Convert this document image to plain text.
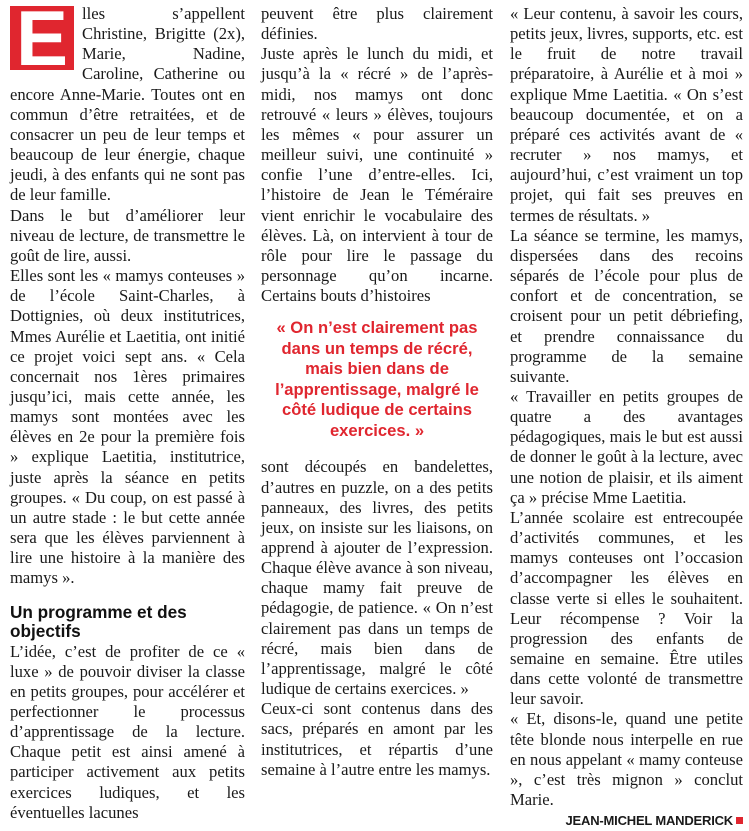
E lles s’appellent Christine, Brigitte (2x), Marie, Nadine, Caroline, Catherine ou encore Anne-Marie. Toutes ont en commun d’être retraitées, et de consacrer un peu de leur temps et beaucoup de leur énergie, chaque jeudi, à des enfants qui ne sont pas de leur famille.

Dans le but d’améliorer leur niveau de lecture, de transmettre le goût de lire, aussi.

Elles sont les « mamys conteuses » de l’école Saint-Charles, à Dottignies, où deux institutrices, Mmes Aurélie et Laetitia, ont initié ce projet voici sept ans. « Cela concernait nos 1ères primaires jusqu’ici, mais cette année, les mamys sont montées avec les élèves en 2e pour la première fois » explique Laetitia, institutrice, juste après la séance en petits groupes. « Du coup, on est passé à un autre stade : le but cette année sera que les élèves parviennent à lire une histoire à la manière des mamys ».

Un programme et des objectifs

L’idée, c’est de profiter de ce « luxe » de pouvoir diviser la classe en petits groupes, pour accélérer et perfectionner le processus d’apprentissage de la lecture. Chaque petit est ainsi amené à participer activement aux petits exercices ludiques, et les éventuelles lacunes

peuvent être plus clairement définies.

Juste après le lunch du midi, et jusqu’à la « récré » de l’après-midi, nos mamys ont donc retrouvé « leurs » élèves, toujours les mêmes « pour assurer un meilleur suivi, une continuité » confie l’une d’entre-elles. Ici, l’histoire de Jean le Téméraire vient enrichir le vocabulaire des élèves. Là, on intervient à tour de rôle pour lire le passage du personnage qu’on incarne. Certains bouts d’histoires

« On n’est clairement pas dans un temps de récré, mais bien dans de l’apprentissage, malgré le côté ludique de certains exercices. »

sont découpés en bandelettes, d’autres en puzzle, on a des petits panneaux, des livres, des petits jeux, on insiste sur les liaisons, on apprend à ajouter de l’expression. Chaque élève avance à son niveau, chaque mamy fait preuve de pédagogie, de patience. « On n’est clairement pas dans un temps de récré, mais bien dans de l’apprentissage, malgré le côté ludique de certains exercices. »

Ceux-ci sont contenus dans des sacs, préparés en amont par les institutrices, et répartis d’une semaine à l’autre entre les mamys.

« Leur contenu, à savoir les cours, petits jeux, livres, supports, etc. est le fruit de notre travail préparatoire, à Aurélie et à moi » explique Mme Laetitia. « On s’est beaucoup documentée, et on a préparé ces activités avant de « recruter » nos mamys, et aujourd’hui, c’est vraiment un top projet, qui fait ses preuves en termes de résultats. »

La séance se termine, les mamys, dispersées dans des recoins séparés de l’école pour plus de confort et de concentration, se croisent pour un petit débriefing, et prendre connaissance du programme de la semaine suivante.

« Travailler en petits groupes de quatre a des avantages pédagogiques, mais le but est aussi de donner le goût à la lecture, avec une notion de plaisir, et ils aiment ça » précise Mme Laetitia.

L’année scolaire est entrecoupée d’activités communes, et les mamys conteuses ont l’occasion d’accompagner les élèves en classe verte si elles le souhaitent. Leur récompense ? Voir la progression des enfants de semaine en semaine. Être utiles dans cette volonté de transmettre leur savoir.

« Et, disons-le, quand une petite tête blonde nous interpelle en rue en nous appelant « mamy conteuse », c’est très mignon » conclut Marie.

JEAN-MICHEL MANDERICK
